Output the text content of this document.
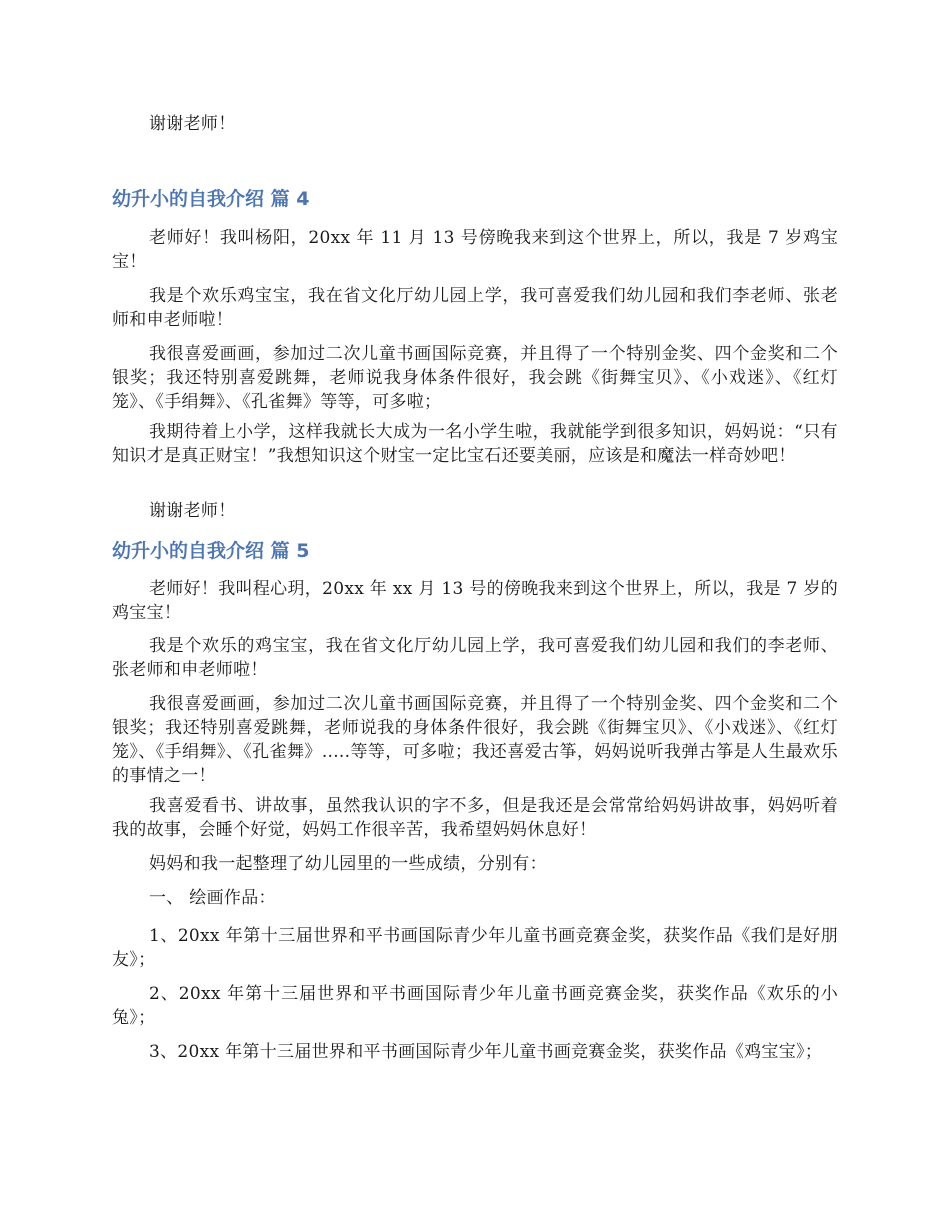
谢谢老师！

幼升小的自我介绍 篇 4

老师好！我叫杨阳，20xx 年 11 月 13 号傍晚我来到这个世界上，所以，我是 7 岁鸡宝宝！

我是个欢乐鸡宝宝，我在省文化厅幼儿园上学，我可喜爱我们幼儿园和我们李老师、张老师和申老师啦！

我很喜爱画画，参加过二次儿童书画国际竞赛，并且得了一个特别金奖、四个金奖和二个银奖；我还特别喜爱跳舞，老师说我身体条件很好，我会跳《街舞宝贝》、《小戏迷》、《红灯笼》、《手绢舞》、《孔雀舞》等等，可多啦；

我期待着上小学，这样我就长大成为一名小学生啦，我就能学到很多知识，妈妈说：“只有知识才是真正财宝！”我想知识这个财宝一定比宝石还要美丽，应该是和魔法一样奇妙吧！

谢谢老师！

幼升小的自我介绍 篇 5

老师好！我叫程心玥，20xx 年 xx 月 13 号的傍晚我来到这个世界上，所以，我是 7 岁的鸡宝宝！

我是个欢乐的鸡宝宝，我在省文化厅幼儿园上学，我可喜爱我们幼儿园和我们的李老师、张老师和申老师啦！

我很喜爱画画，参加过二次儿童书画国际竞赛，并且得了一个特别金奖、四个金奖和二个银奖；我还特别喜爱跳舞，老师说我的身体条件很好，我会跳《街舞宝贝》、《小戏迷》、《红灯笼》、《手绢舞》、《孔雀舞》.....等等，可多啦；我还喜爱古筝，妈妈说听我弹古筝是人生最欢乐的事情之一！

我喜爱看书、讲故事，虽然我认识的字不多，但是我还是会常常给妈妈讲故事，妈妈听着我的故事，会睡个好觉，妈妈工作很辛苦，我希望妈妈休息好！

妈妈和我一起整理了幼儿园里的一些成绩，分别有：

一、 绘画作品：

1、20xx 年第十三届世界和平书画国际青少年儿童书画竞赛金奖，获奖作品《我们是好朋友》；

2、20xx 年第十三届世界和平书画国际青少年儿童书画竞赛金奖，获奖作品《欢乐的小兔》；

3、20xx 年第十三届世界和平书画国际青少年儿童书画竞赛金奖，获奖作品《鸡宝宝》；
